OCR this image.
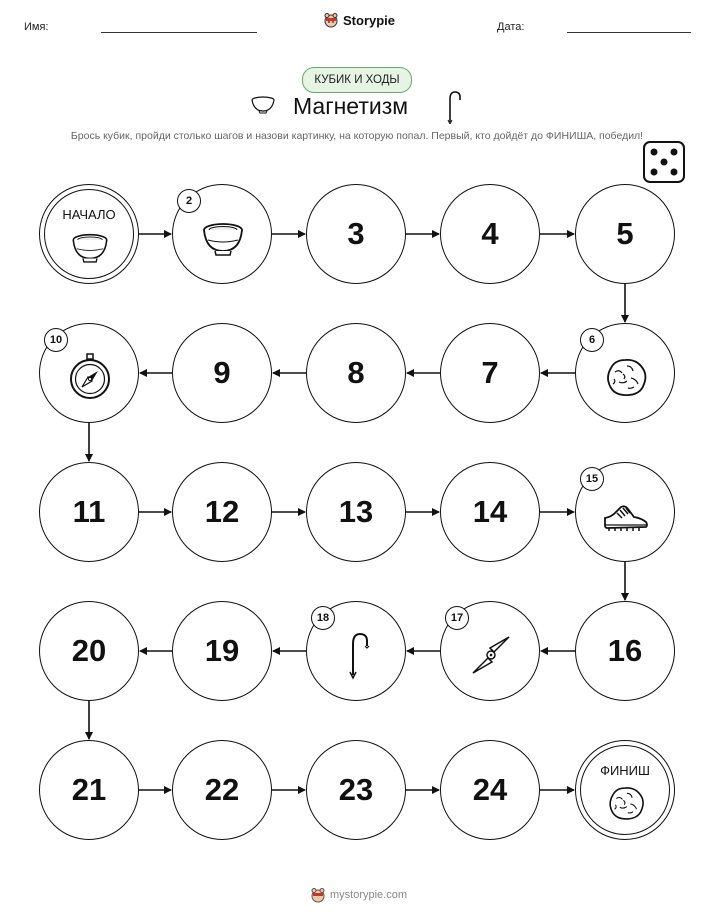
Имя:	Storypie	Дата:
КУБИК И ХОДЫ
Магнетизм
Брось кубик, пройди столько шагов и назови картинку, на которую попал. Первый, кто дойдёт до ФИНИША, победил!
НАЧАЛО
2
3	4	5
6
7
8
9
10
11	12	13	14
15
16
17
18
19
20
21	22	23	24
ФИНИШ
mystorypie.com
